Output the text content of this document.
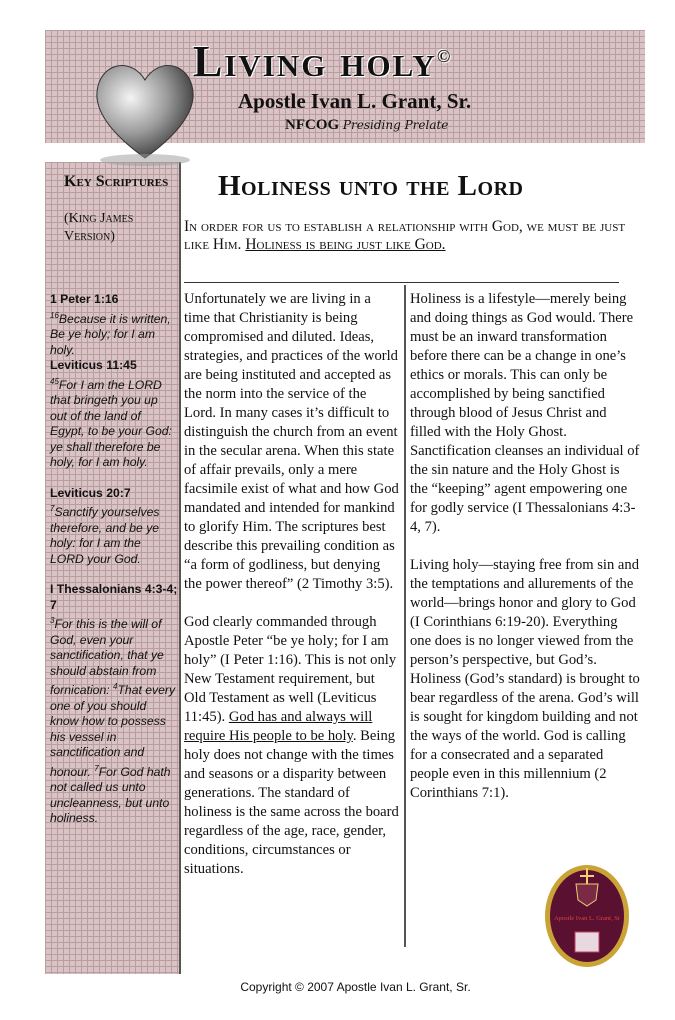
Living holy©
Apostle Ivan L. Grant, Sr.
NFCOG Presiding Prelate
Key Scriptures
(King James Version)
1 Peter 1:16
$^{16}$Because it is written, Be ye holy; for I am holy.
Leviticus 11:45
$^{45}$For I am the LORD that bringeth you up out of the land of Egypt, to be your God: ye shall therefore be holy, for I am holy.
Leviticus 20:7
$^7$Sanctify yourselves therefore, and be ye holy: for I am the LORD your God.
I Thessalonians 4:3-4; 7
$^3$For this is the will of God, even your sanctification, that ye should abstain from fornication: $^4$That every one of you should know how to possess his vessel in sanctification and honour. $^7$For God hath not called us unto uncleanness, but unto holiness.
Holiness unto the Lord
In order for us to establish a relationship with God, we must be just like Him. Holiness is being just like God.

Unfortunately we are living in a time that Christianity is being compromised and diluted. Ideas, strategies, and practices of the world are being instituted and accepted as the norm into the service of the Lord. In many cases it’s difficult to distinguish the church from an event in the secular arena. When this state of affair prevails, only a mere facsimile exist of what and how God mandated and intended for mankind to glorify Him. The scriptures best describe this prevailing condition as “a form of godliness, but denying the power thereof” (2 Timothy 3:5).

God clearly commanded through Apostle Peter “be ye holy; for I am holy” (I Peter 1:16). This is not only New Testament requirement, but Old Testament as well (Leviticus 11:45). God has and always will require His people to be holy. Being holy does not change with the times and seasons or a disparity between generations. The standard of holiness is the same across the board regardless of the age, race, gender, conditions, circumstances or situations.

Holiness is a lifestyle—merely being and doing things as God would. There must be an inward transformation before there can be a change in one’s ethics or morals. This can only be accomplished by being sanctified through blood of Jesus Christ and filled with the Holy Ghost. Sanctification cleanses an individual of the sin nature and the Holy Ghost is the “keeping” agent empowering one for godly service (I Thessalonians 4:3-4, 7).

Living holy—staying free from sin and the temptations and allurements of the world—brings honor and glory to God (I Corinthians 6:19-20). Everything one does is no longer viewed from the person’s perspective, but God’s. Holiness (God’s standard) is brought to bear regardless of the arena. God’s will is sought for kingdom building and not the ways of the world. God is calling for a consecrated and a separated people even in this millennium (2 Corinthians 7:1).

Apostle Ivan L. Grant, Sr
Copyright © 2007 Apostle Ivan L. Grant, Sr.
